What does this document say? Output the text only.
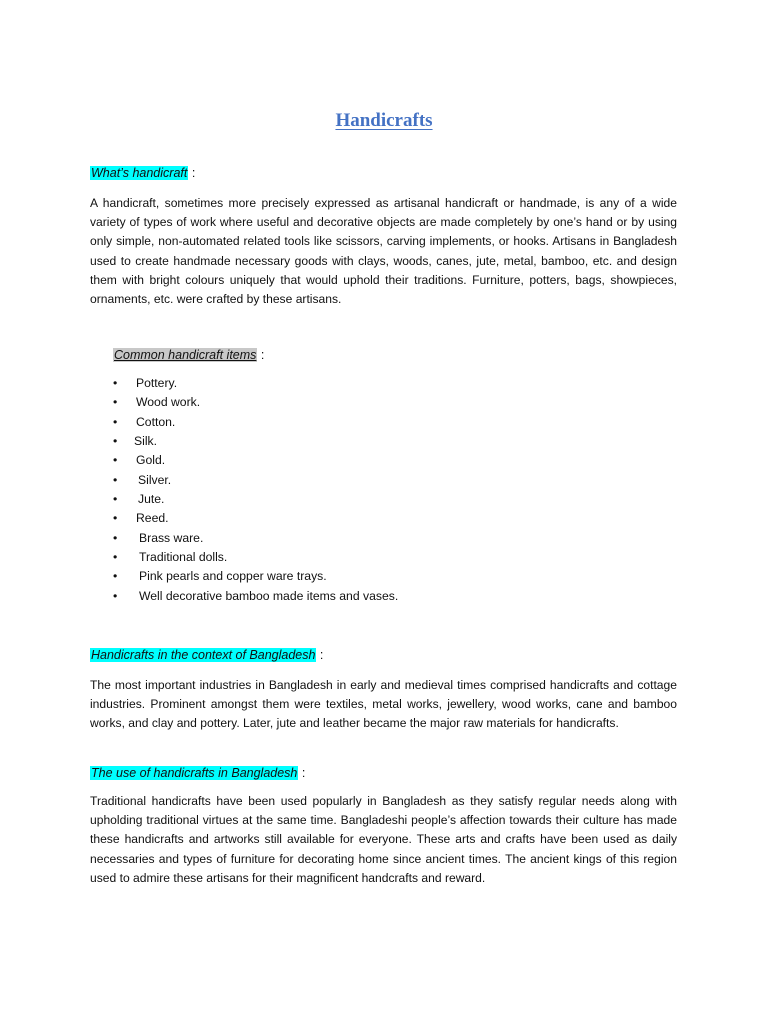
Handicrafts
What’s handicraft :

A handicraft, sometimes more precisely expressed as artisanal handicraft or handmade, is any of a wide variety of types of work where useful and decorative objects are made completely by one’s hand or by using only simple, non-automated related tools like scissors, carving implements, or hooks. Artisans in Bangladesh used to create handmade necessary goods with clays, woods, canes, jute, metal, bamboo, etc. and design them with bright colours uniquely that would uphold their traditions. Furniture, potters, bags, showpieces, ornaments, etc. were crafted by these artisans.

Common handicraft items :
• Pottery.
• Wood work.
• Cotton.
• Silk.
• Gold.
• Silver.
• Jute.
• Reed.
• Brass ware.
• Traditional dolls.
• Pink pearls and copper ware trays.
• Well decorative bamboo made items and vases.
Handicrafts in the context of Bangladesh :

The most important industries in Bangladesh in early and medieval times comprised handicrafts and cottage industries. Prominent amongst them were textiles, metal works, jewellery, wood works, cane and bamboo works, and clay and pottery. Later, jute and leather became the major raw materials for handicrafts.

The use of handicrafts in Bangladesh :

Traditional handicrafts have been used popularly in Bangladesh as they satisfy regular needs along with upholding traditional virtues at the same time. Bangladeshi people’s affection towards their culture has made these handicrafts and artworks still available for everyone. These arts and crafts have been used as daily necessaries and types of furniture for decorating home since ancient times. The ancient kings of this region used to admire these artisans for their magnificent handcrafts and reward.
